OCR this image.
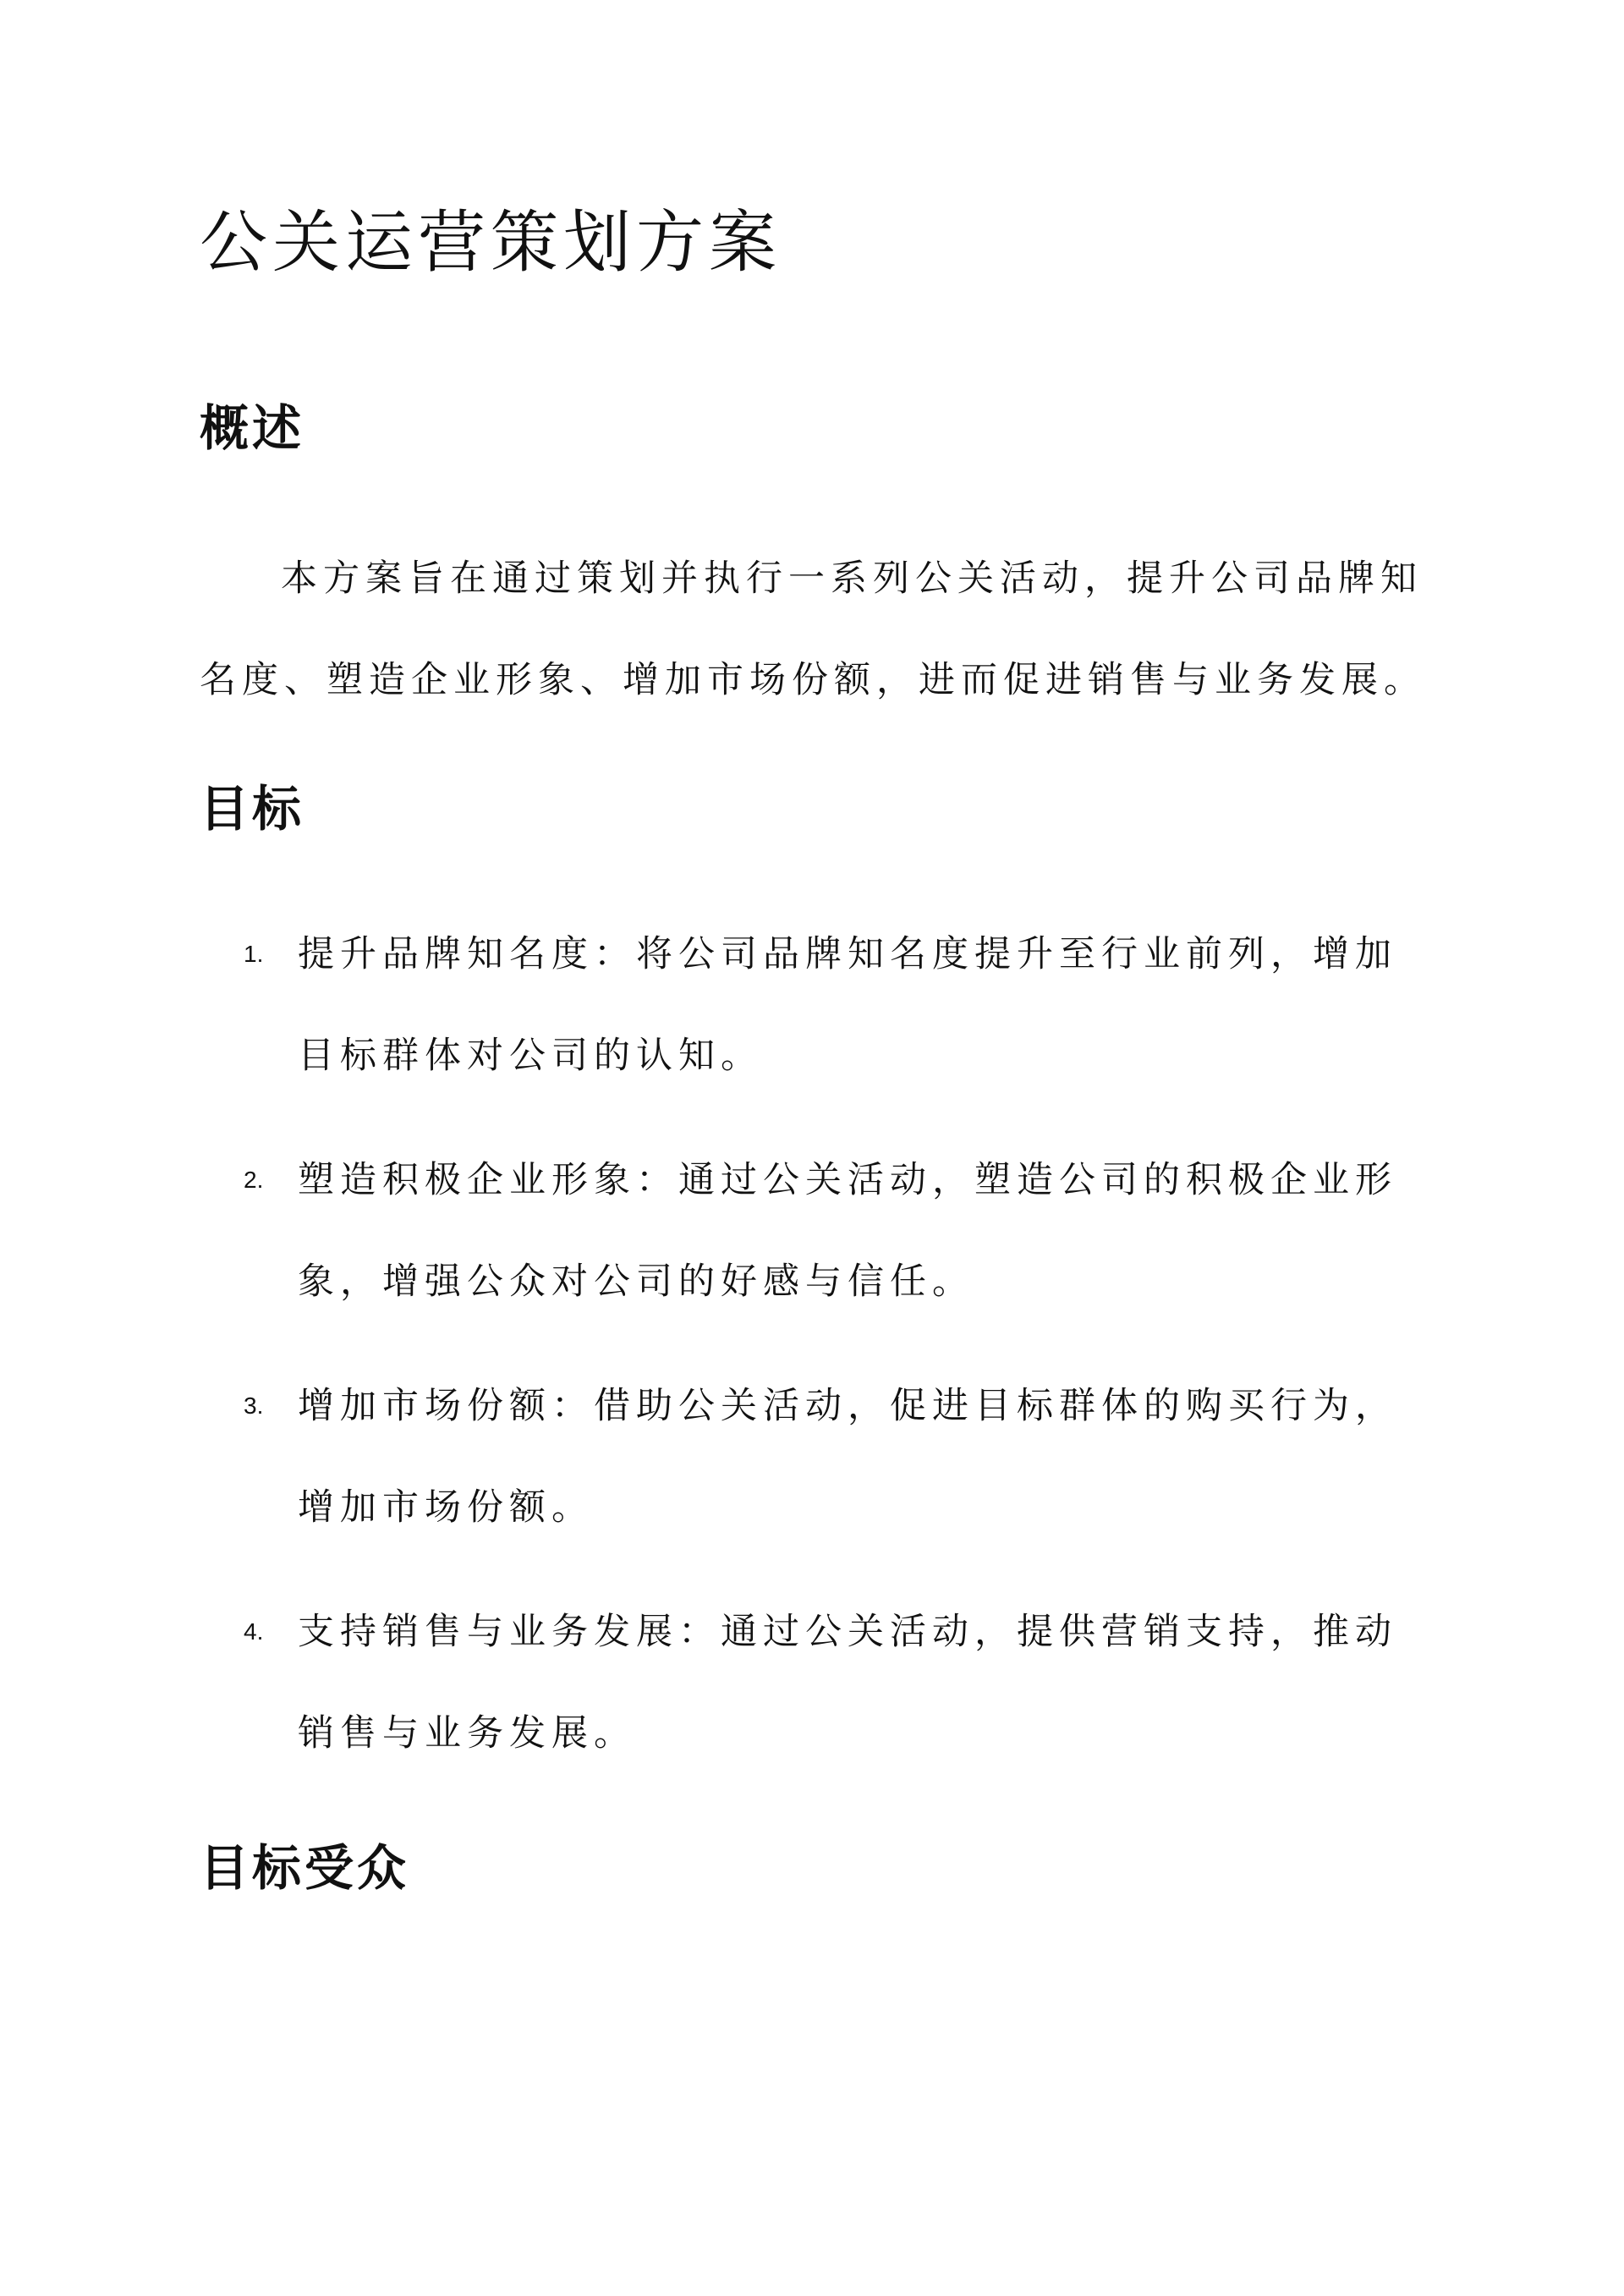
公关运营策划方案
概述

本方案旨在通过策划并执行一系列公关活动，提升公司品牌知名度、塑造企业形象、增加市场份额，进而促进销售与业务发展。

目标
1. 提升品牌知名度：将公司品牌知名度提升至行业前列，增加目标群体对公司的认知。
2. 塑造积极企业形象：通过公关活动，塑造公司的积极企业形象，增强公众对公司的好感与信任。
3. 增加市场份额：借助公关活动，促进目标群体的购买行为，增加市场份额。
4. 支持销售与业务发展：通过公关活动，提供营销支持，推动销售与业务发展。
目标受众
